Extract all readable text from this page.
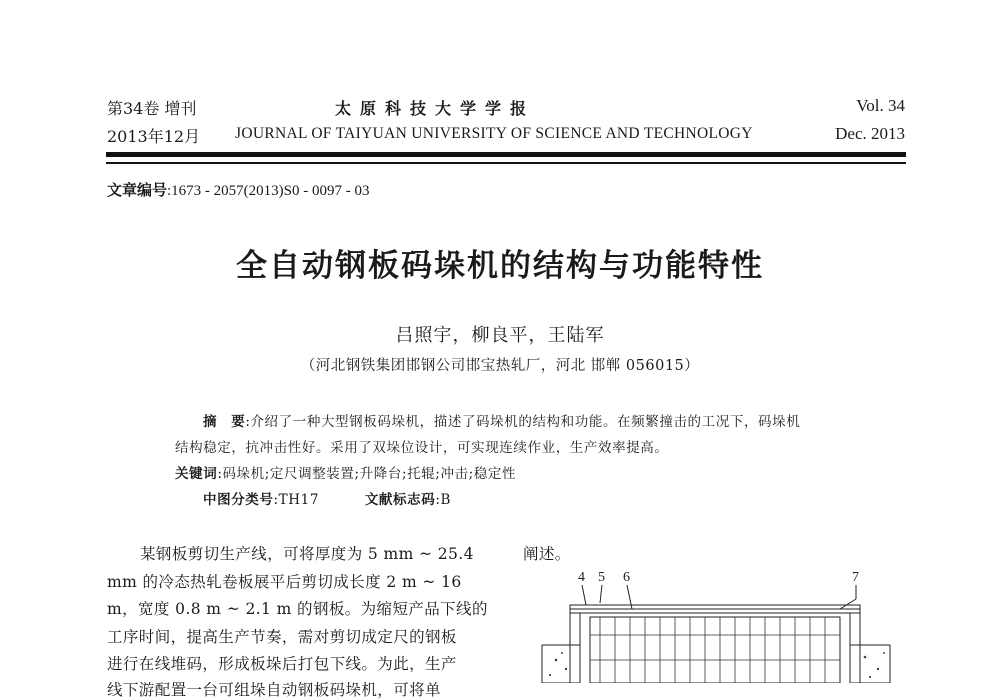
第34卷 增刊	太原科技大学学报	Vol. 34
2013年12月 JOURNAL OF TAIYUAN UNIVERSITY OF SCIENCE AND TECHNOLOGY	Dec. 2013
文章编号:1673 - 2057(2013)S0 - 0097 - 03
全自动钢板码垛机的结构与功能特性
吕照宇，柳良平，王陆军
（河北钢铁集团邯钢公司邯宝热轧厂，河北 邯郸 056015）
摘　要:介绍了一种大型钢板码垛机，描述了码垛机的结构和功能。在频繁撞击的工况下，码垛机
结构稳定，抗冲击性好。采用了双垛位设计，可实现连续作业，生产效率提高。
关键词:码垛机;定尺调整装置;升降台;托辊;冲击;稳定性
中图分类号:TH17	文献标志码:B
某钢板剪切生产线，可将厚度为 5 mm ~ 25.4
mm 的冷态热轧卷板展平后剪切成长度 2 m ~ 16
m，宽度 0.8 m ~ 2.1 m 的钢板。为缩短产品下线的
工序时间，提高生产节奏，需对剪切成定尺的钢板
进行在线堆码，形成板垛后打包下线。为此，生产
线下游配置一台可组垛自动钢板码垛机，可将单
阐述。
4 5 6	7
